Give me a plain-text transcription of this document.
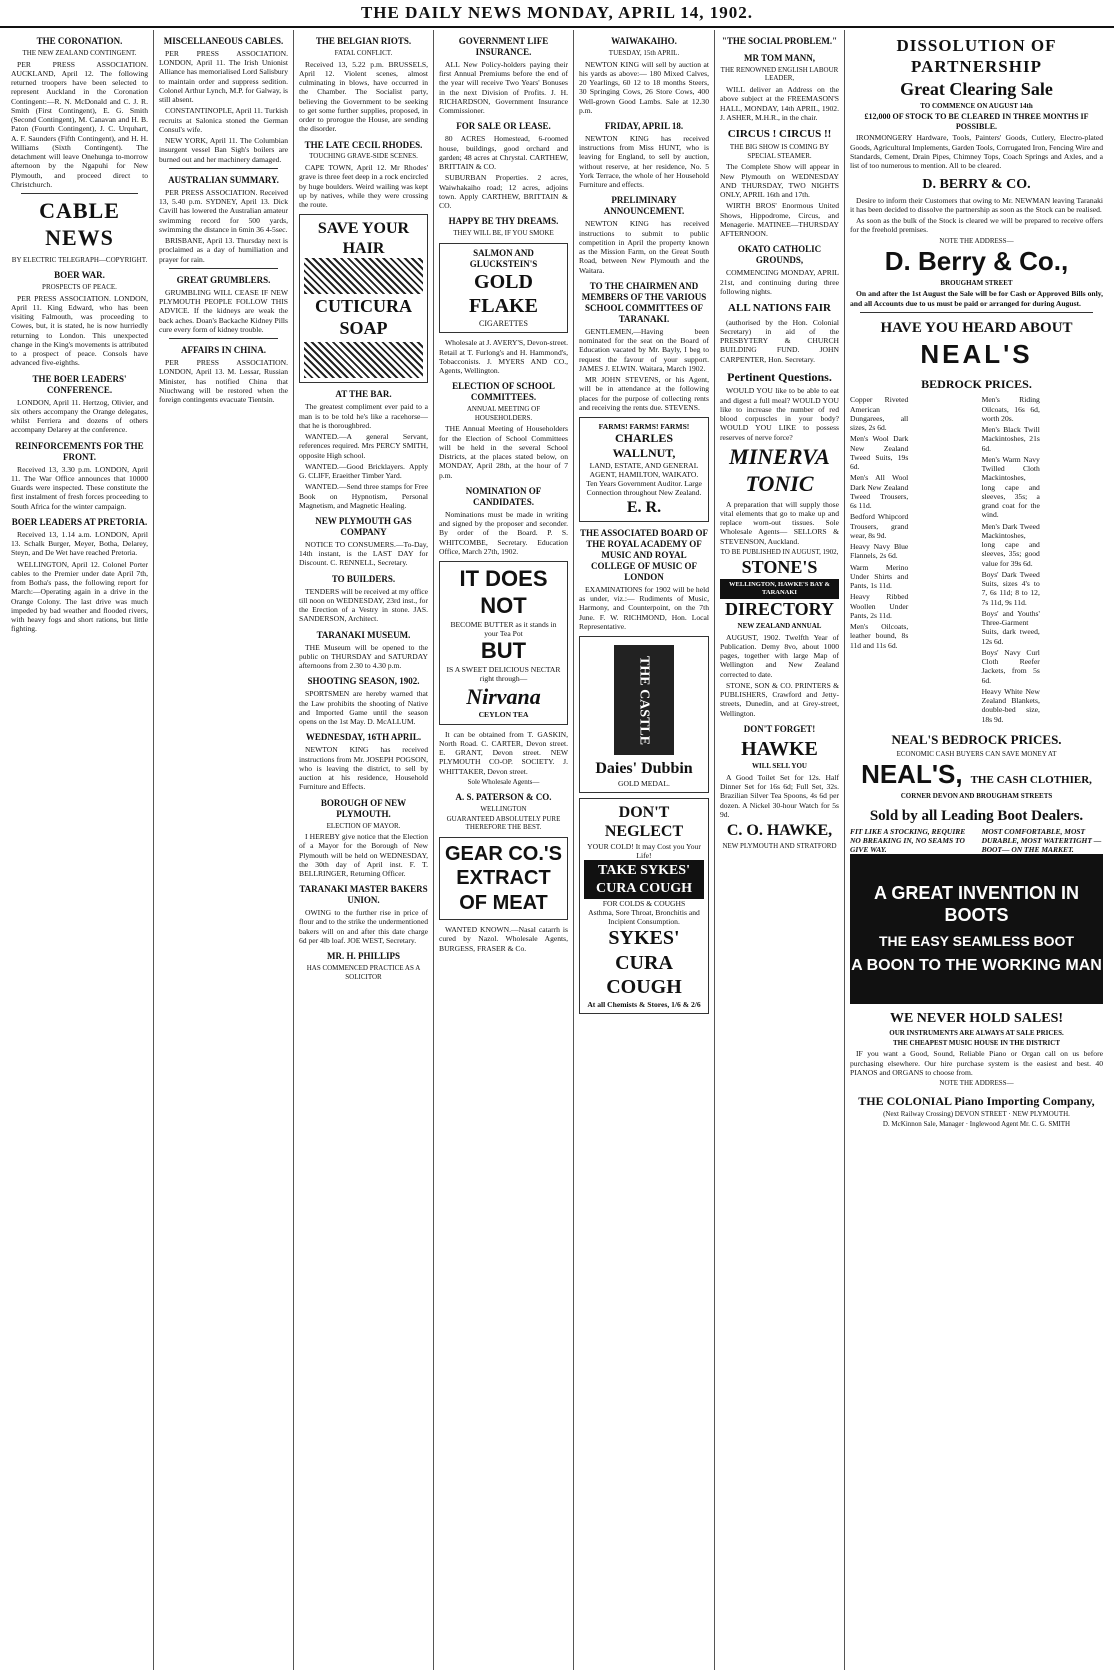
THE DAILY NEWS MONDAY, APRIL 14, 1902.
THE CORONATION.
THE NEW ZEALAND CONTINGENT.
PER PRESS ASSOCIATION. AUCKLAND, April 12. The following returned troopers have been selected to represent Auckland in the Coronation Contingent:—R. N. McDonald and C. J. R. Smith (First Contingent), E. G. Smith (Second Contingent), M. Canavan and H. B. Paton (Fourth Contingent), J. C. Urquhart, A. F. Saunders (Fifth Contingent), and H. H. Williams (Sixth Contingent). The detachment will leave Onehunga to-morrow afternoon by the Ngapuhi for New Plymouth, and proceed direct to Christchurch.
CABLE NEWS
BY ELECTRIC TELEGRAPH—COPYRIGHT.
BOER WAR.
PROSPECTS OF PEACE.
PER PRESS ASSOCIATION. LONDON, April 11. King Edward, who has been visiting Falmouth, was proceeding to Cowes, but, it is stated, he is now hurriedly returning to London. This unexpected change in the King's movements is attributed to a prospect of peace. Consols have advanced five-eighths.
THE BOER LEADERS' CONFERENCE.
LONDON, April 11. Hertzog, Olivier, and six others accompany the Orange delegates, whilst Ferriera and dozens of others accompany Delarey at the conference.
REINFORCEMENTS FOR THE FRONT.
Received 13, 3.30 p.m. LONDON, April 11. The War Office announces that 10000 Guards were inspected. These constitute the first instalment of fresh forces proceeding to South Africa for the winter campaign.
BOER LEADERS AT PRETORIA.
Received 13, 1.14 a.m. LONDON, April 13. Schalk Burger, Meyer, Botha, Delarey, Steyn, and De Wet have reached Pretoria.
WELLINGTON, April 12. Colonel Porter cables to the Premier under date April 7th, from Botha's pass, the following report for March:—Operating again in a drive in the Orange Colony. The last drive was much impeded by bad weather and flooded rivers, with heavy fogs and short rations, but little fighting.
MISCELLANEOUS CABLES.
PER PRESS ASSOCIATION. LONDON, April 11. The Irish Unionist Alliance has memorialised Lord Salisbury to maintain order and suppress sedition. Colonel Arthur Lynch, M.P. for Galway, is still absent.
CONSTANTINOPLE, April 11. Turkish recruits at Salonica stoned the German Consul's wife.
NEW YORK, April 11. The Columbian insurgent vessel Ban Sigh's boilers are burned out and her machinery damaged.
AUSTRALIAN SUMMARY.
PER PRESS ASSOCIATION. Received 13, 5.40 p.m. SYDNEY, April 13. Dick Cavill has lowered the Australian amateur swimming record for 500 yards, swimming the distance in 6min 36 4-5sec.
BRISBANE, April 13. Thursday next is proclaimed as a day of humiliation and prayer for rain.
GREAT GRUMBLERS.
GRUMBLING WILL CEASE IF NEW PLYMOUTH PEOPLE FOLLOW THIS ADVICE. If the kidneys are weak the back aches. Doan's Backache Kidney Pills cure every form of kidney trouble.
AFFAIRS IN CHINA.
PER PRESS ASSOCIATION. LONDON, April 13. M. Lessar, Russian Minister, has notified China that Niuchwang will be restored when the foreign contingents evacuate Tientsin.
THE BELGIAN RIOTS.
FATAL CONFLICT.
Received 13, 5.22 p.m. BRUSSELS, April 12. Violent scenes, almost culminating in blows, have occurred in the Chamber. The Socialist party, believing the Government to be seeking to get some further supplies, proposed, in order to prorogue the House, are sending the disorder.
THE LATE CECIL RHODES.
TOUCHING GRAVE-SIDE SCENES.
CAPE TOWN, April 12. Mr Rhodes' grave is three feet deep in a rock encircled by huge boulders. Weird wailing was kept up by natives, while they were crossing the route.
SAVE YOUR HAIR
CUTICURA SOAP
AT THE BAR.
The greatest compliment ever paid to a man is to be told he's like a racehorse—that he is thoroughbred.
WANTED.—A general Servant, references required. Mrs PERCY SMITH, opposite High school.
WANTED.—Good Bricklayers. Apply G. CLIFF, Eraeither Timber Yard.
WANTED.—Send three stamps for Free Book on Hypnotism, Personal Magnetism, and Magnetic Healing.
NEW PLYMOUTH GAS COMPANY
NOTICE TO CONSUMERS.—To-Day, 14th instant, is the LAST DAY for Discount. C. RENNELL, Secretary.
TO BUILDERS.
TENDERS will be received at my office till noon on WEDNESDAY, 23rd inst., for the Erection of a Vestry in stone. JAS. SANDERSON, Architect.
TARANAKI MUSEUM.
THE Museum will be opened to the public on THURSDAY and SATURDAY afternoons from 2.30 to 4.30 p.m.
SHOOTING SEASON, 1902.
SPORTSMEN are hereby warned that the Law prohibits the shooting of Native and Imported Game until the season opens on the 1st May. D. McALLUM.
WEDNESDAY, 16TH APRIL.
NEWTON KING has received instructions from Mr. JOSEPH POGSON, who is leaving the district, to sell by auction at his residence, Household Furniture and Effects.
BOROUGH OF NEW PLYMOUTH.
ELECTION OF MAYOR.
I HEREBY give notice that the Election of a Mayor for the Borough of New Plymouth will be held on WEDNESDAY, the 30th day of April inst. F. T. BELLRINGER, Returning Officer.
TARANAKI MASTER BAKERS UNION.
OWING to the further rise in price of flour and to the strike the undermentioned bakers will on and after this date charge 6d per 4lb loaf. JOE WEST, Secretary.
MR. H. PHILLIPS
HAS COMMENCED PRACTICE AS A SOLICITOR
GOVERNMENT LIFE INSURANCE.
ALL New Policy-holders paying their first Annual Premiums before the end of the year will receive Two Years' Bonuses in the next Division of Profits. J. H. RICHARDSON, Government Insurance Commissioner.
FOR SALE OR LEASE.
80 ACRES Homestead, 6-roomed house, buildings, good orchard and garden; 48 acres at Chrystal. CARTHEW, BRITTAIN & CO.
SUBURBAN Properties. 2 acres, Waiwhakaiho road; 12 acres, adjoins town. Apply CARTHEW, BRITTAIN & CO.
HAPPY BE THY DREAMS.
THEY WILL BE, IF YOU SMOKE
SALMON AND GLUCKSTEIN'S
GOLD FLAKE
CIGARETTES
Wholesale at J. AVERY'S, Devon-street. Retail at T. Furlong's and H. Hammond's, Tobacconists. J. MYERS AND CO., Agents, Wellington.
ELECTION OF SCHOOL COMMITTEES.
ANNUAL MEETING OF HOUSEHOLDERS.
THE Annual Meeting of Householders for the Election of School Committees will be held in the several School Districts, at the places stated below, on MONDAY, April 28th, at the hour of 7 p.m.
NOMINATION OF CANDIDATES.
Nominations must be made in writing and signed by the proposer and seconder. By order of the Board. P. S. WHITCOMBE, Secretary. Education Office, March 27th, 1902.
IT DOES NOT
BECOME BUTTER as it stands in your Tea Pot
BUT
IS A SWEET DELICIOUS NECTAR right through—
Nirvana
CEYLON TEA
It can be obtained from T. GASKIN, North Road. C. CARTER, Devon street. E. GRANT, Devon street. NEW PLYMOUTH CO-OP. SOCIETY. J. WHITTAKER, Devon street.
Sole Wholesale Agents—
A. S. PATERSON & CO.
WELLINGTON
GUARANTEED ABSOLUTELY PURE THEREFORE THE BEST.
GEAR CO.'S EXTRACT OF MEAT
WANTED KNOWN.—Nasal catarrh is cured by Nazol. Wholesale Agents, BURGESS, FRASER & Co.
WAIWAKAIHO.
TUESDAY, 15th APRIL.
NEWTON KING will sell by auction at his yards as above:— 180 Mixed Calves, 20 Yearlings, 60 12 to 18 months Steers, 30 Springing Cows, 26 Store Cows, 400 Well-grown Good Lambs. Sale at 12.30 p.m.
FRIDAY, APRIL 18.
NEWTON KING has received instructions from Miss HUNT, who is leaving for England, to sell by auction, without reserve, at her residence, No. 5 York Terrace, the whole of her Household Furniture and effects.
PRELIMINARY ANNOUNCEMENT.
NEWTON KING has received instructions to submit to public competition in April the property known as the Mission Farm, on the Great South Road, between New Plymouth and the Waitara.
TO THE CHAIRMEN AND MEMBERS OF THE VARIOUS SCHOOL COMMITTEES OF TARANAKI.
GENTLEMEN,—Having been nominated for the seat on the Board of Education vacated by Mr. Bayly, I beg to request the favour of your support. JAMES J. ELWIN. Waitara, March 1902.
MR JOHN STEVENS, or his Agent, will be in attendance at the following places for the purpose of collecting rents and receiving the rents due. STEVENS.
FARMS! FARMS! FARMS!
CHARLES WALLNUT,
LAND, ESTATE, AND GENERAL AGENT, HAMILTON, WAIKATO.
Ten Years Government Auditor. Large Connection throughout New Zealand.
E. R.
THE ASSOCIATED BOARD OF THE ROYAL ACADEMY OF MUSIC AND ROYAL COLLEGE OF MUSIC OF LONDON
EXAMINATIONS for 1902 will be held as under, viz.:— Rudiments of Music, Harmony, and Counterpoint, on the 7th June. F. W. RICHMOND, Hon. Local Representative.
THE CASTLE
Daies' Dubbin
GOLD MEDAL.
DON'T NEGLECT
YOUR COLD! It may Cost you Your Life!
TAKE SYKES' CURA COUGH
FOR COLDS & COUGHS
Asthma, Sore Throat, Bronchitis and Incipient Consumption.
SYKES' CURA COUGH
At all Chemists & Stores, 1/6 & 2/6
"THE SOCIAL PROBLEM."
MR TOM MANN,
THE RENOWNED ENGLISH LABOUR LEADER,
WILL deliver an Address on the above subject at the FREEMASON'S HALL, MONDAY, 14th APRIL, 1902. J. ASHER, M.H.R., in the chair.
CIRCUS ! CIRCUS !!
THE BIG SHOW IS COMING BY SPECIAL STEAMER.
The Complete Show will appear in New Plymouth on WEDNESDAY AND THURSDAY, TWO NIGHTS ONLY, APRIL 16th and 17th.
WIRTH BROS' Enormous United Shows, Hippodrome, Circus, and Menagerie. MATINEE—THURSDAY AFTERNOON.
OKATO CATHOLIC GROUNDS,
COMMENCING MONDAY, APRIL 21st, and continuing during three following nights.
ALL NATIONS FAIR
(authorised by the Hon. Colonial Secretary) in aid of the PRESBYTERY & CHURCH BUILDING FUND. JOHN CARPENTER, Hon. Secretary.
Pertinent Questions.
WOULD YOU like to be able to eat and digest a full meal? WOULD YOU like to increase the number of red blood corpuscles in your body? WOULD YOU LIKE to possess reserves of nerve force?
MINERVA TONIC
A preparation that will supply those vital elements that go to make up and replace worn-out tissues. Sole Wholesale Agents— SELLORS & STEVENSON, Auckland.
TO BE PUBLISHED IN AUGUST, 1902,
STONE'S
WELLINGTON, HAWKE'S BAY & TARANAKI
DIRECTORY
NEW ZEALAND ANNUAL
AUGUST, 1902. Twelfth Year of Publication. Demy 8vo, about 1000 pages, together with large Map of Wellington and New Zealand corrected to date.
STONE, SON & CO. PRINTERS & PUBLISHERS, Crawford and Jetty-streets, Dunedin, and at Grey-street, Wellington.
DON'T FORGET!
HAWKE
WILL SELL YOU
A Good Toilet Set for 12s. Half Dinner Set for 16s 6d; Full Set, 32s. Brazilian Silver Tea Spoons, 4s 6d per dozen. A Nickel 30-hour Watch for 5s 9d.
C. O. HAWKE,
NEW PLYMOUTH AND STRATFORD
DISSOLUTION OF PARTNERSHIP
Great Clearing Sale
TO COMMENCE ON AUGUST 14th
£12,000 OF STOCK TO BE CLEARED IN THREE MONTHS IF POSSIBLE.
IRONMONGERY Hardware, Tools, Painters' Goods, Cutlery, Electro-plated Goods, Agricultural Implements, Garden Tools, Corrugated Iron, Fencing Wire and Standards, Cement, Drain Pipes, Chimney Tops, Coach Springs and Axles, and a list of too numerous to mention. All to be cleared.
D. BERRY & CO.
Desire to inform their Customers that owing to Mr. NEWMAN leaving Taranaki it has been decided to dissolve the partnership as soon as the Stock can be realised.
As soon as the bulk of the Stock is cleared we will be prepared to receive offers for the freehold premises.
NOTE THE ADDRESS—
D. Berry & Co.,
BROUGHAM STREET
On and after the 1st August the Sale will be for Cash or Approved Bills only, and all Accounts due to us must be paid or arranged for during August.
HAVE YOU HEARD ABOUT
NEAL'S
BEDROCK PRICES.
Copper Riveted American Dungarees, all sizes, 2s 6d.
Men's Wool Dark New Zealand Tweed Suits, 19s 6d.
Men's All Wool Dark New Zealand Tweed Trousers, 6s 11d.
Bedford Whipcord Trousers, grand wear, 8s 9d.
Heavy Navy Blue Flannels, 2s 6d.
Warm Merino Under Shirts and Pants, 1s 11d.
Heavy Ribbed Woollen Under Pants, 2s 11d.
Men's Oilcoats, leather bound, 8s 11d and 11s 6d.
Men's Riding Oilcoats, 16s 6d, worth 20s.
Men's Black Twill Mackintoshes, 21s 6d.
Men's Warm Navy Twilled Cloth Mackintoshes, long cape and sleeves, 35s; a grand coat for the wind.
Men's Dark Tweed Mackintoshes, long cape and sleeves, 35s; good value for 39s 6d.
Boys' Dark Tweed Suits, sizes 4's to 7, 6s 11d; 8 to 12, 7s 11d, 9s 11d.
Boys' and Youths' Three-Garment Suits, dark tweed, 12s 6d.
Boys' Navy Curl Cloth Reefer Jackets, from 5s 6d.
Heavy White New Zealand Blankets, double-bed size, 18s 9d.
NEAL'S BEDROCK PRICES.
ECONOMIC CASH BUYERS CAN SAVE MONEY AT
NEAL'S, THE CASH CLOTHIER,
CORNER DEVON AND BROUGHAM STREETS
Sold by all Leading Boot Dealers.
FIT LIKE A STOCKING, REQUIRE NO BREAKING IN, NO SEAMS TO GIVE WAY.
MOST COMFORTABLE, MOST DURABLE, MOST WATERTIGHT —BOOT— ON THE MARKET.
A GREAT INVENTION IN BOOTS
THE EASY SEAMLESS BOOT
A BOON TO THE WORKING MAN
WE NEVER HOLD SALES!
OUR INSTRUMENTS ARE ALWAYS AT SALE PRICES.
THE CHEAPEST MUSIC HOUSE IN THE DISTRICT
IF you want a Good, Sound, Reliable Piano or Organ call on us before purchasing elsewhere. Our hire purchase system is the easiest and best. 40 PIANOS and ORGANS to choose from.
NOTE THE ADDRESS—
THE COLONIAL Piano Importing Company,
(Next Railway Crossing) DEVON STREET · NEW PLYMOUTH.
D. McKinnon Sale, Manager · Inglewood Agent Mr. C. G. SMITH
